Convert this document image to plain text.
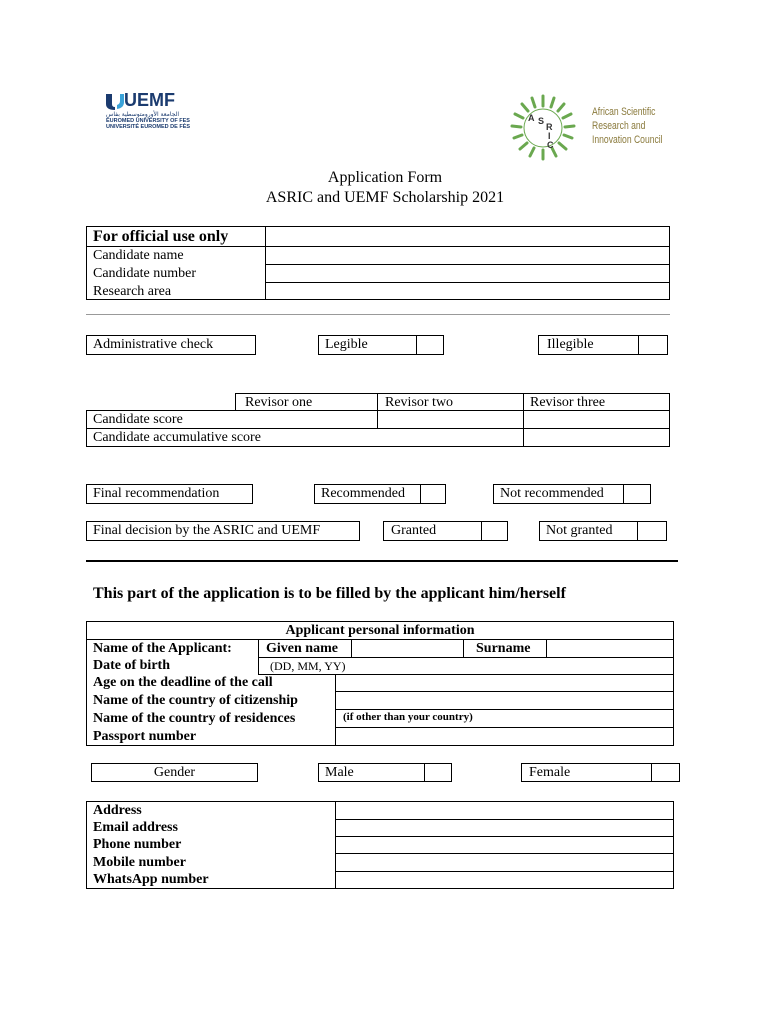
UEMF
الجامعة الأورومتوسطية بفاس
EUROMED UNIVERSITY OF FES
UNIVERSITÉ EUROMED DE FÈS
A S
R
I
C
African Scientific
Research and
Innovation Council
Application Form
ASRIC and UEMF Scholarship 2021
For official use only
Candidate name
Candidate number
Research area
Administrative check	Legible	Illegible
Revisor one	Revisor two	Revisor three
Candidate score
Candidate accumulative score
Final recommendation	Recommended	Not recommended
Final decision by the ASRIC and UEMF	Granted	Not granted
This part of the application is to be filled by the applicant him/herself
Applicant personal information
Name of the Applicant: Given name	Surname
Date of birth	(DD, MM, YY)
Age on the deadline of the call
Name of the country of citizenship
Name of the country of residences	(if other than your country)
Passport number
Gender	Male	Female
Address
Email address
Phone number
Mobile number
WhatsApp number
